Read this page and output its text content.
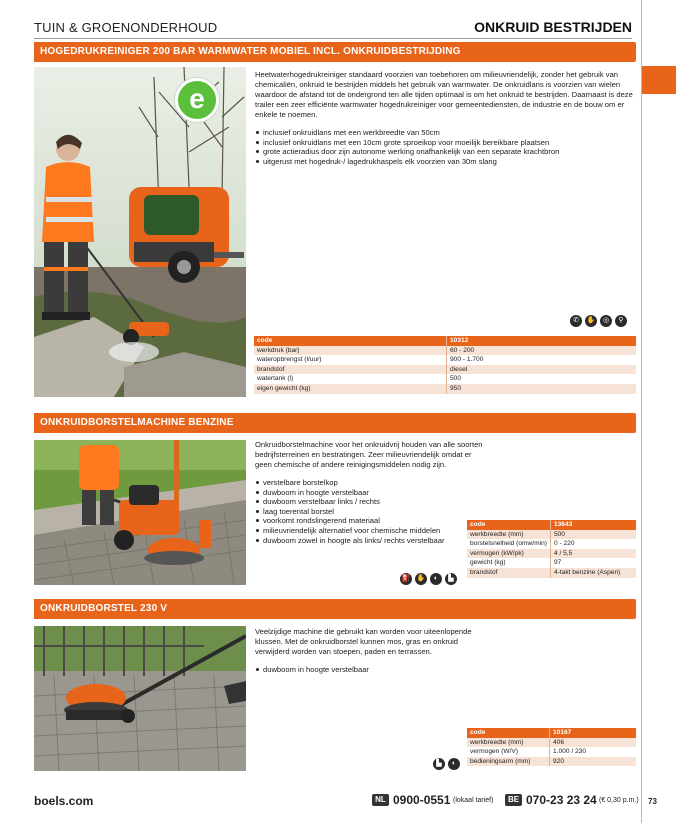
TUIN & GROENONDERHOUD	ONKRUID BESTRIJDEN
HOGEDRUKREINIGER 200 BAR WARMWATER MOBIEL INCL. ONKRUIDBESTRIJDING
e

Heetwaterhogedrukreiniger standaard voorzien van toebehoren om milieuvriendelijk, zonder het gebruik van chemicaliën, onkruid te bestrijden middels het gebruik van warmwater. De onkruidlans is voorzien van wielen waardoor de afstand tot de ondergrond ten alle tijden optimaal is om het onkruid te bestrijden. Daarnaast is deze trailer een zeer efficiënte warmwater hogedrukreiniger voor gemeentediensten, de industrie en de bouw om er enkele te noemen.

inclusief onkruidlans met een werkbreedte van 50cm
inclusief onkruidlans met een 10cm grote sproeikop voor moeilijk bereikbare plaatsen
grote actieradius door zijn autonome werking onafhankelijk van een separate krachtbron
uitgerust met hogedruk-/ lagedrukhaspels elk voorzien van 30m slang
✆	✋	◎	⚲
code	10312
werkdruk (bar)	60 - 200
wateropbrengst (l/uur)	900 - 1.700
brandstof	diesel
watertank (l)	500
eigen gewicht (kg)	950
ONKRUIDBORSTELMACHINE BENZINE

Onkruidborstelmachine voor het onkruidvrij houden van alle soorten bedrijfsterreinen en bestratingen. Zeer milieuvriendelijk omdat er geen chemische of andere reinigingsmiddelen nodig zijn.

verstelbare borstelkop
duwboom in hoogte verstelbaar
duwboom verstelbaar links / rechts
laag toerental borstel
voorkomt rondslingerend materiaal
milieuvriendelijk alternatief voor chemische middelen
duwboom zowel in hoogte als links/ rechts verstelbaar
code	13643
werkbreedte (mm)	500
borstelsnelheid (omw/min)	0 - 220
vermogen (kW/pk)	4 / 5,5
gewicht (kg)	97
brandstof	4-takt benzine (Aspen)
⛽ ✋	◐	▙
ONKRUIDBORSTEL 230 V

Veelzijdige machine die gebruikt kan worden voor uiteenlopende klussen. Met de onkruidborstel kunnen mos, gras en onkruid verwijderd worden van stoepen, paden en terrassen.

duwboom in hoogte verstelbaar
code	10167
werkbreedte (mm)	406
vermogen (W/V)	1.000 / 230
bedieningsarm (mm)	920
▙	◐
boels.com	NL 0900-0551 (lokaal tarief)	BE 070-23 23 24 (€ 0,30 p.m.) 73
